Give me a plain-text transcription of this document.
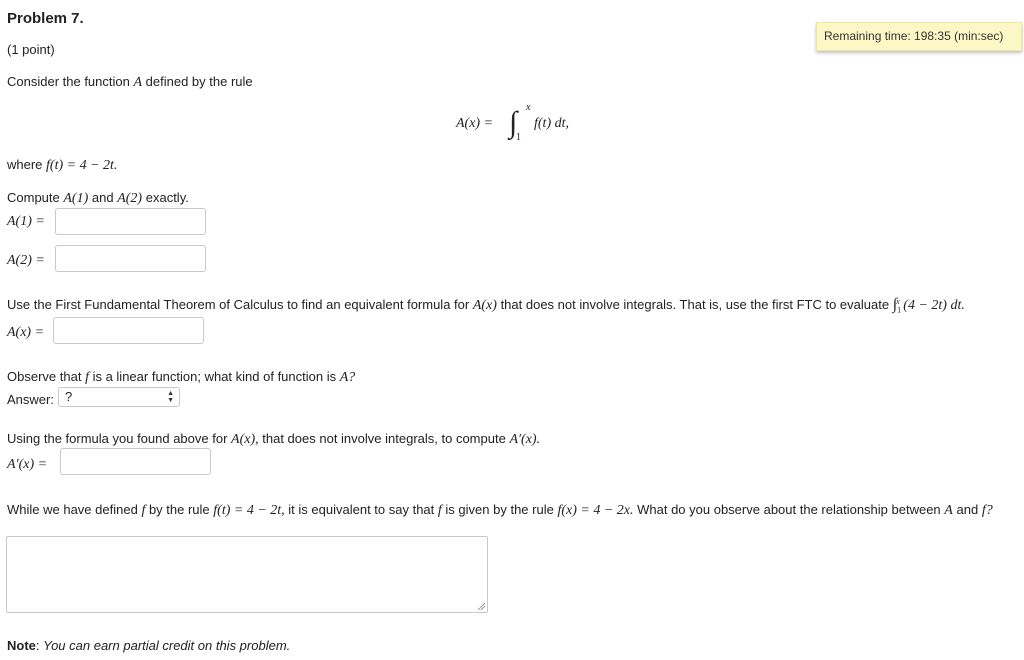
Problem 7.
(1 point)
Remaining time: 198:35 (min:sec)
Consider the function A defined by the rule
A(x) = ∫ x
1
f(t) dt,
where f(t) = 4 − 2t.
Compute A(1) and A(2) exactly.
A(1) =
A(2) =
Use the First Fundamental Theorem of Calculus to find an equivalent formula for A(x) that does not involve integrals. That is, use the first FTC to evaluate $\int_1^x$ (4 − 2t) dt.
A(x) =
Observe that f is a linear function; what kind of function is A?
Answer: ?	▲
▼
Using the formula you found above for A(x), that does not involve integrals, to compute A′(x).
A′(x) =
While we have defined f by the rule f(t) = 4 − 2t, it is equivalent to say that f is given by the rule f(x) = 4 − 2x. What do you observe about the relationship between A and f?
Note: You can earn partial credit on this problem.
